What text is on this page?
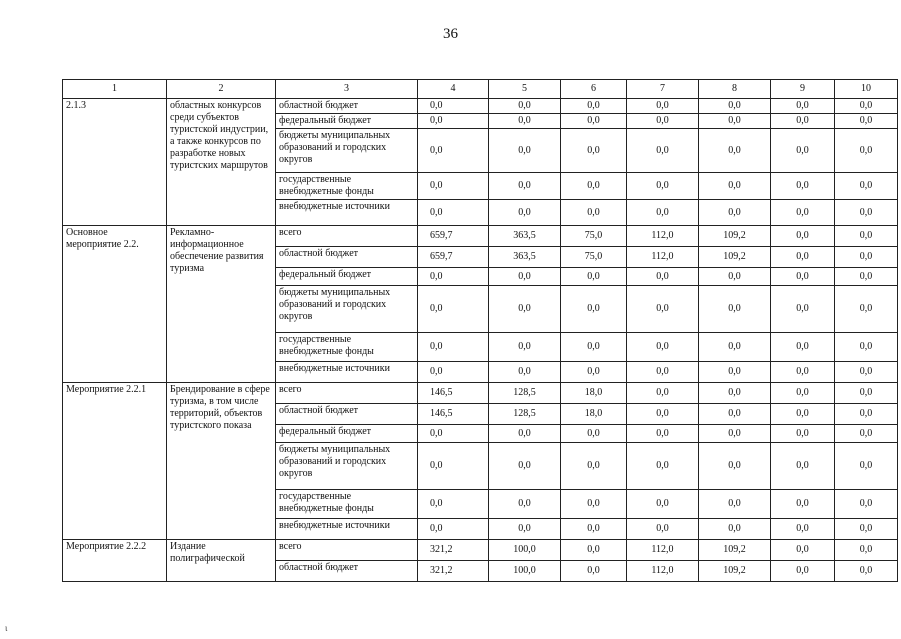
36
1	2	3	4	5	6	7	8	9	10
2.1.3	областных конкурсов среди субъектов туристской индустрии, а также конкурсов по разработке новых туристских маршрутов	областной бюджет	0,0	0,0	0,0	0,0	0,0	0,0	0,0
		федеральный бюджет	0,0	0,0	0,0	0,0	0,0	0,0	0,0
		бюджеты муниципальных образований и городских округов	0,0	0,0	0,0	0,0	0,0	0,0	0,0
		государственные внебюджетные фонды	0,0	0,0	0,0	0,0	0,0	0,0	0,0
		внебюджетные источники	0,0	0,0	0,0	0,0	0,0	0,0	0,0
Основное мероприятие 2.2.	Рекламно-информационное обеспечение развития туризма	всего	659,7	363,5	75,0	112,0	109,2	0,0	0,0
		областной бюджет	659,7	363,5	75,0	112,0	109,2	0,0	0,0
		федеральный бюджет	0,0	0,0	0,0	0,0	0,0	0,0	0,0
		бюджеты муниципальных образований и городских округов	0,0	0,0	0,0	0,0	0,0	0,0	0,0
		государственные внебюджетные фонды	0,0	0,0	0,0	0,0	0,0	0,0	0,0
		внебюджетные источники	0,0	0,0	0,0	0,0	0,0	0,0	0,0
Мероприятие 2.2.1	Брендирование в сфере туризма, в том числе территорий, объектов туристского показа	всего	146,5	128,5	18,0	0,0	0,0	0,0	0,0
		областной бюджет	146,5	128,5	18,0	0,0	0,0	0,0	0,0
		федеральный бюджет	0,0	0,0	0,0	0,0	0,0	0,0	0,0
		бюджеты муниципальных образований и городских округов	0,0	0,0	0,0	0,0	0,0	0,0	0,0
		государственные внебюджетные фонды	0,0	0,0	0,0	0,0	0,0	0,0	0,0
		внебюджетные источники	0,0	0,0	0,0	0,0	0,0	0,0	0,0
Мероприятие 2.2.2	Издание полиграфической	всего	321,2	100,0	0,0	112,0	109,2	0,0	0,0
		областной бюджет	321,2	100,0	0,0	112,0	109,2	0,0	0,0
ι
